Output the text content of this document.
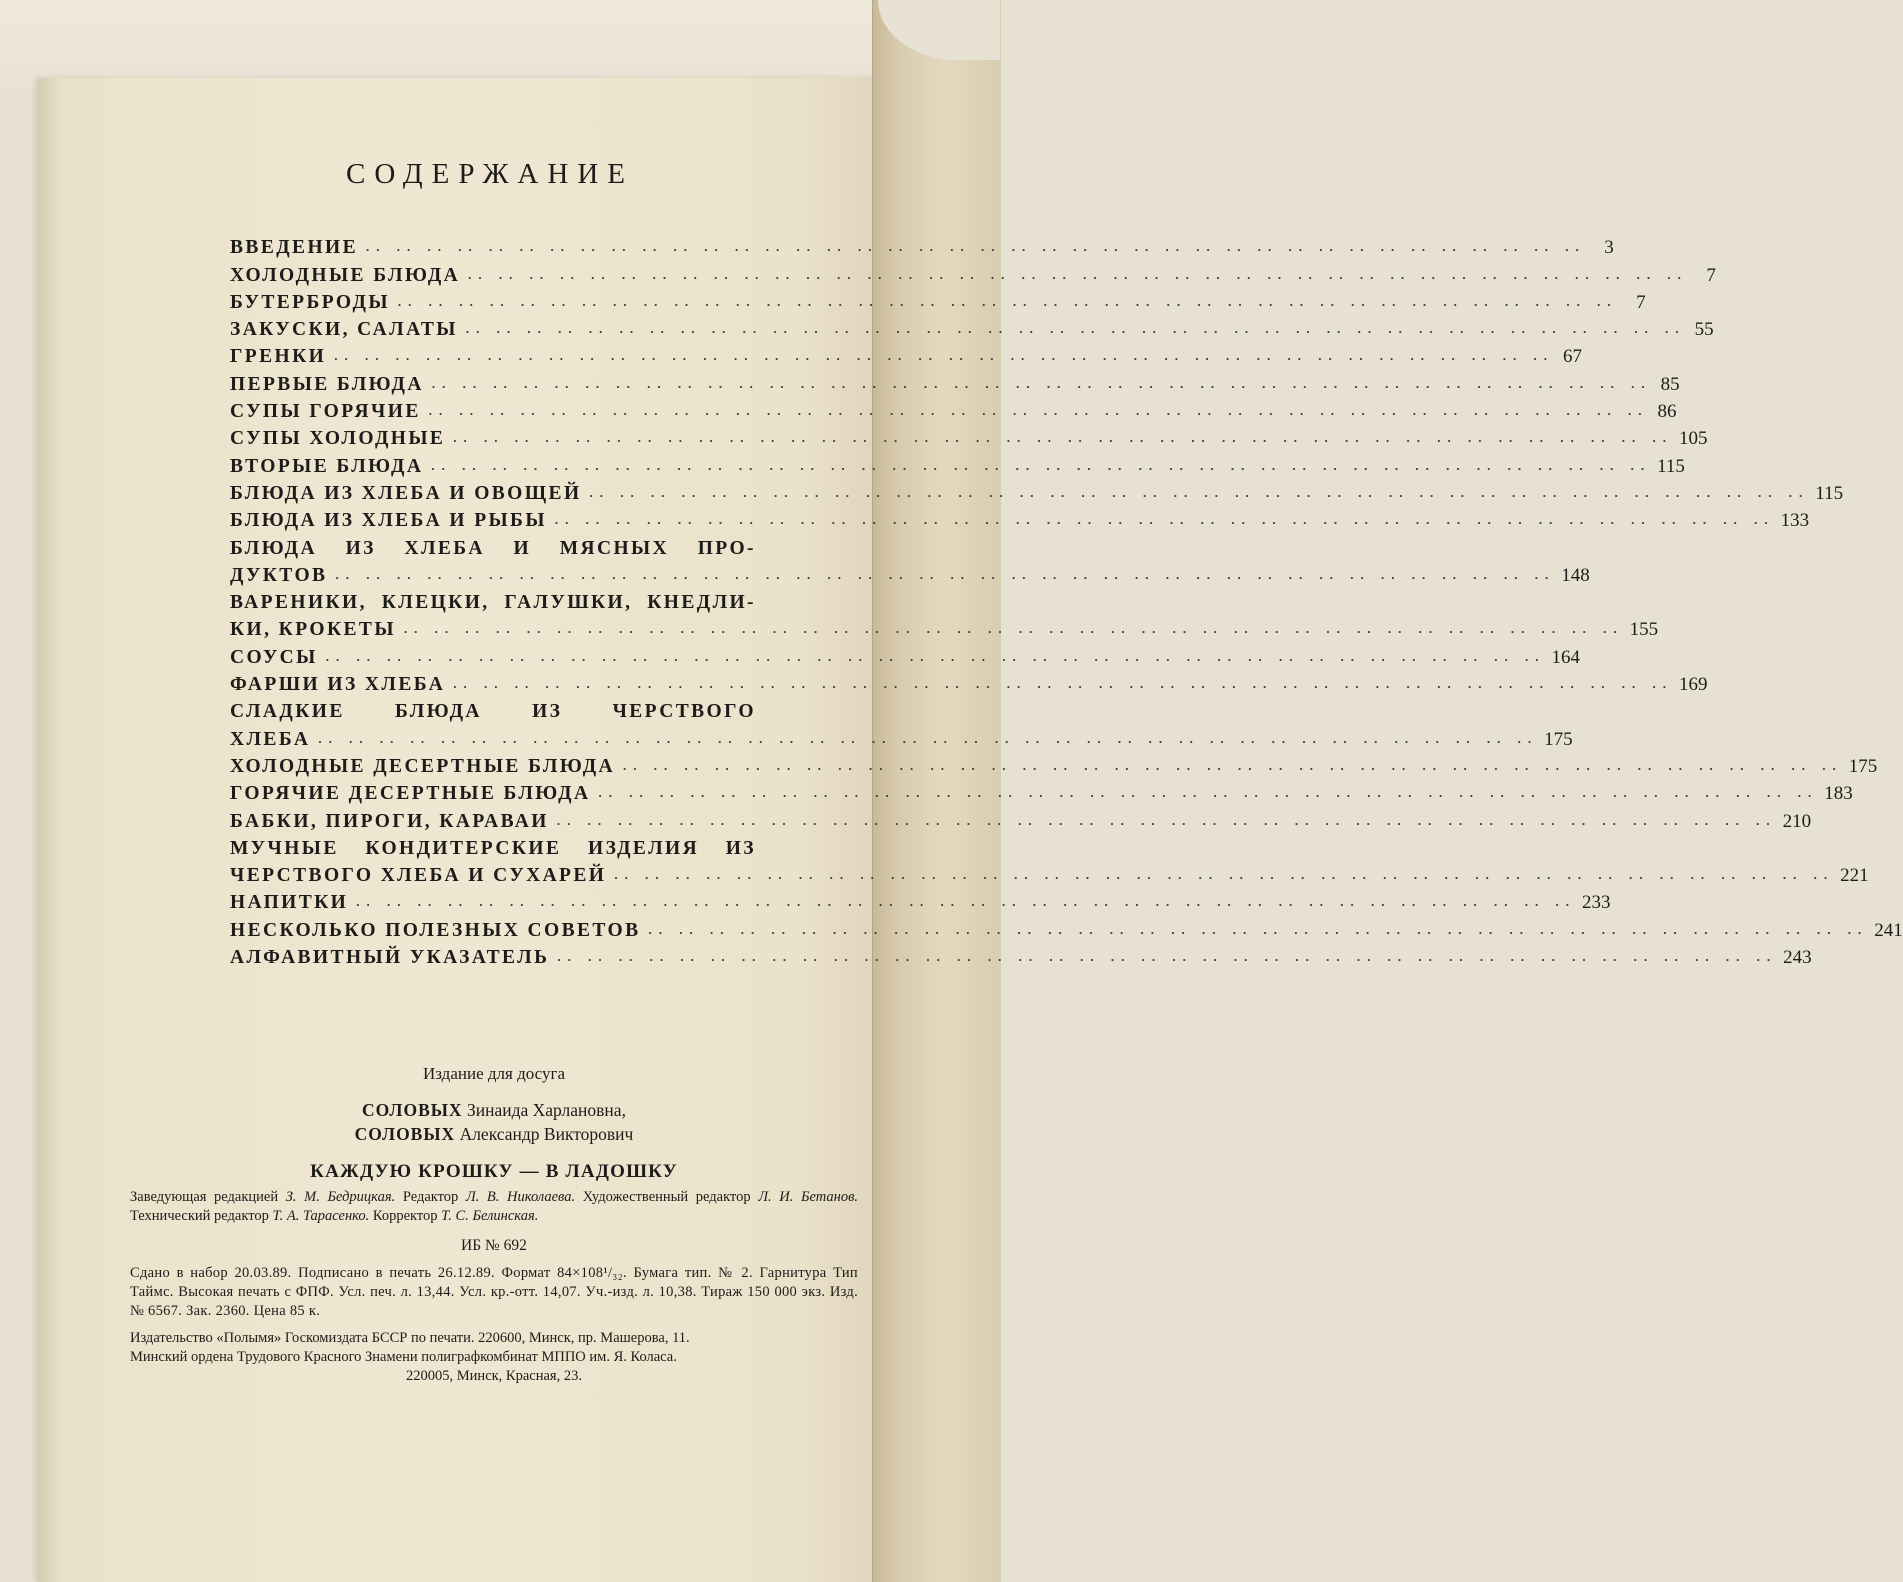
СОДЕРЖАНИЕ
ВВЕДЕНИЕ .. .. .. .. .. .. .. .. .. .. .. .. .. .. .. .. .. .. .. .. .. .. .. .. .. .. .. .. .. .. .. .. .. .. .. .. .. .. .. .. 3
ХОЛОДНЫЕ БЛЮДА .. .. .. .. .. .. .. .. .. .. .. .. .. .. .. .. .. .. .. .. .. .. .. .. .. .. .. .. .. .. .. .. .. .. .. .. .. .. .. .. 7
БУТЕРБРОДЫ .. .. .. .. .. .. .. .. .. .. .. .. .. .. .. .. .. .. .. .. .. .. .. .. .. .. .. .. .. .. .. .. .. .. .. .. .. .. .. .. 7
ЗАКУСКИ, САЛАТЫ .. .. .. .. .. .. .. .. .. .. .. .. .. .. .. .. .. .. .. .. .. .. .. .. .. .. .. .. .. .. .. .. .. .. .. .. .. .. .. .. 55
ГРЕНКИ .. .. .. .. .. .. .. .. .. .. .. .. .. .. .. .. .. .. .. .. .. .. .. .. .. .. .. .. .. .. .. .. .. .. .. .. .. .. .. .. 67
ПЕРВЫЕ БЛЮДА .. .. .. .. .. .. .. .. .. .. .. .. .. .. .. .. .. .. .. .. .. .. .. .. .. .. .. .. .. .. .. .. .. .. .. .. .. .. .. .. 85
СУПЫ ГОРЯЧИЕ .. .. .. .. .. .. .. .. .. .. .. .. .. .. .. .. .. .. .. .. .. .. .. .. .. .. .. .. .. .. .. .. .. .. .. .. .. .. .. .. 86
СУПЫ ХОЛОДНЫЕ .. .. .. .. .. .. .. .. .. .. .. .. .. .. .. .. .. .. .. .. .. .. .. .. .. .. .. .. .. .. .. .. .. .. .. .. .. .. .. .. 105
ВТОРЫЕ БЛЮДА .. .. .. .. .. .. .. .. .. .. .. .. .. .. .. .. .. .. .. .. .. .. .. .. .. .. .. .. .. .. .. .. .. .. .. .. .. .. .. .. 115
БЛЮДА ИЗ ХЛЕБА И ОВОЩЕЙ .. .. .. .. .. .. .. .. .. .. .. .. .. .. .. .. .. .. .. .. .. .. .. .. .. .. .. .. .. .. .. .. .. .. .. .. .. .. .. .. 115
БЛЮДА ИЗ ХЛЕБА И РЫБЫ .. .. .. .. .. .. .. .. .. .. .. .. .. .. .. .. .. .. .. .. .. .. .. .. .. .. .. .. .. .. .. .. .. .. .. .. .. .. .. .. 133
БЛЮДА ИЗ ХЛЕБА И МЯСНЫХ ПРО-
ДУКТОВ .. .. .. .. .. .. .. .. .. .. .. .. .. .. .. .. .. .. .. .. .. .. .. .. .. .. .. .. .. .. .. .. .. .. .. .. .. .. .. .. 148
ВАРЕНИКИ, КЛЕЦКИ, ГАЛУШКИ, КНЕДЛИ-
КИ, КРОКЕТЫ .. .. .. .. .. .. .. .. .. .. .. .. .. .. .. .. .. .. .. .. .. .. .. .. .. .. .. .. .. .. .. .. .. .. .. .. .. .. .. .. 155
СОУСЫ .. .. .. .. .. .. .. .. .. .. .. .. .. .. .. .. .. .. .. .. .. .. .. .. .. .. .. .. .. .. .. .. .. .. .. .. .. .. .. .. 164
ФАРШИ ИЗ ХЛЕБА .. .. .. .. .. .. .. .. .. .. .. .. .. .. .. .. .. .. .. .. .. .. .. .. .. .. .. .. .. .. .. .. .. .. .. .. .. .. .. .. 169
СЛАДКИЕ	БЛЮДА	ИЗ	ЧЕРСТВОГО
ХЛЕБА .. .. .. .. .. .. .. .. .. .. .. .. .. .. .. .. .. .. .. .. .. .. .. .. .. .. .. .. .. .. .. .. .. .. .. .. .. .. .. .. 175
ХОЛОДНЫЕ ДЕСЕРТНЫЕ БЛЮДА .. .. .. .. .. .. .. .. .. .. .. .. .. .. .. .. .. .. .. .. .. .. .. .. .. .. .. .. .. .. .. .. .. .. .. .. .. .. .. .. 175
ГОРЯЧИЕ ДЕСЕРТНЫЕ БЛЮДА .. .. .. .. .. .. .. .. .. .. .. .. .. .. .. .. .. .. .. .. .. .. .. .. .. .. .. .. .. .. .. .. .. .. .. .. .. .. .. .. 183
БАБКИ, ПИРОГИ, КАРАВАИ .. .. .. .. .. .. .. .. .. .. .. .. .. .. .. .. .. .. .. .. .. .. .. .. .. .. .. .. .. .. .. .. .. .. .. .. .. .. .. .. 210
МУЧНЫЕ КОНДИТЕРСКИЕ ИЗДЕЛИЯ ИЗ
ЧЕРСТВОГО ХЛЕБА И СУХАРЕЙ .. .. .. .. .. .. .. .. .. .. .. .. .. .. .. .. .. .. .. .. .. .. .. .. .. .. .. .. .. .. .. .. .. .. .. .. .. .. .. .. 221
НАПИТКИ .. .. .. .. .. .. .. .. .. .. .. .. .. .. .. .. .. .. .. .. .. .. .. .. .. .. .. .. .. .. .. .. .. .. .. .. .. .. .. .. 233
НЕСКОЛЬКО ПОЛЕЗНЫХ СОВЕТОВ .. .. .. .. .. .. .. .. .. .. .. .. .. .. .. .. .. .. .. .. .. .. .. .. .. .. .. .. .. .. .. .. .. .. .. .. .. .. .. .. 241
АЛФАВИТНЫЙ УКАЗАТЕЛЬ .. .. .. .. .. .. .. .. .. .. .. .. .. .. .. .. .. .. .. .. .. .. .. .. .. .. .. .. .. .. .. .. .. .. .. .. .. .. .. .. 243
Издание для досуга
СОЛОВЫХ Зинаида Харлановна,
СОЛОВЫХ Александр Викторович
КАЖДУЮ КРОШКУ — В ЛАДОШКУ
Заведующая редакцией З. М. Бедрицкая. Редактор Л. В. Николаева. Художественный редактор Л. И. Бетанов. Технический редактор Т. А. Тарасенко. Корректор Т. С. Белинская.
ИБ № 692
Сдано в набор 20.03.89. Подписано в печать 26.12.89. Формат 84×108¹/₃₂. Бумага тип. № 2. Гарнитура Тип Таймс. Высокая печать с ФПФ. Усл. печ. л. 13,44. Усл. кр.-отт. 14,07. Уч.-изд. л. 10,38. Тираж 150 000 экз. Изд. № 6567. Зак. 2360. Цена 85 к.
Издательство «Полымя» Госкомиздата БССР по печати. 220600, Минск, пр. Машерова, 11.
Минский ордена Трудового Красного Знамени полиграфкомбинат МППО им. Я. Коласа.
220005, Минск, Красная, 23.
